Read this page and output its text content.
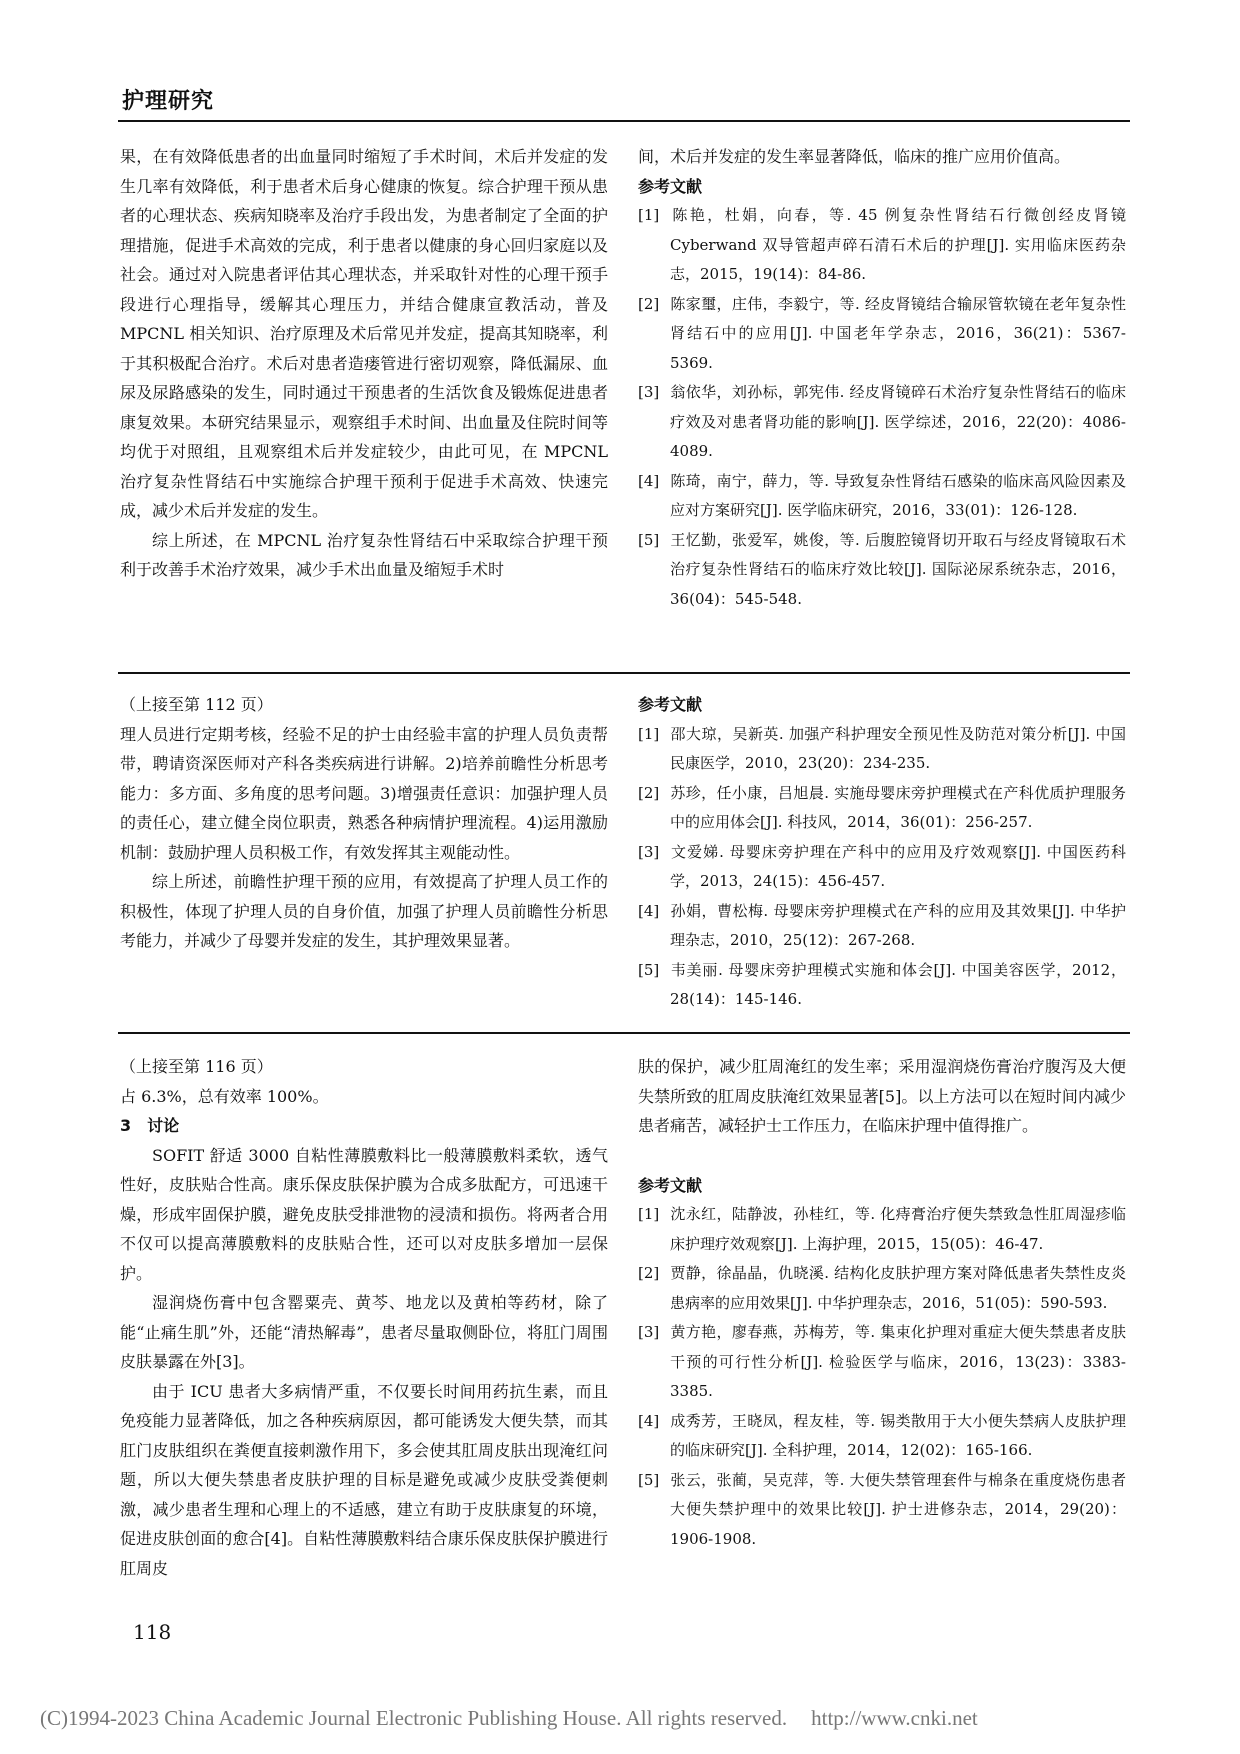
护理研究

果，在有效降低患者的出血量同时缩短了手术时间，术后并发症的发生几率有效降低，利于患者术后身心健康的恢复。综合护理干预从患者的心理状态、疾病知晓率及治疗手段出发，为患者制定了全面的护理措施，促进手术高效的完成，利于患者以健康的身心回归家庭以及社会。通过对入院患者评估其心理状态，并采取针对性的心理干预手段进行心理指导，缓解其心理压力，并结合健康宣教活动，普及 MPCNL 相关知识、治疗原理及术后常见并发症，提高其知晓率，利于其积极配合治疗。术后对患者造瘘管进行密切观察，降低漏尿、血尿及尿路感染的发生，同时通过干预患者的生活饮食及锻炼促进患者康复效果。本研究结果显示，观察组手术时间、出血量及住院时间等均优于对照组，且观察组术后并发症较少，由此可见，在 MPCNL 治疗复杂性肾结石中实施综合护理干预利于促进手术高效、快速完成，减少术后并发症的发生。

综上所述，在 MPCNL 治疗复杂性肾结石中采取综合护理干预利于改善手术治疗效果，减少手术出血量及缩短手术时

间，术后并发症的发生率显著降低，临床的推广应用价值高。

参考文献
[1] 陈艳，杜娟，向春，等. 45 例复杂性肾结石行微创经皮肾镜 Cyberwand 双导管超声碎石清石术后的护理[J]. 实用临床医药杂志，2015，19(14)：84-86.
[2] 陈家璽，庄伟，李毅宁，等. 经皮肾镜结合输尿管软镜在老年复杂性肾结石中的应用[J]. 中国老年学杂志，2016，36(21)：5367-5369.
[3] 翁依华，刘孙标，郭宪伟. 经皮肾镜碎石术治疗复杂性肾结石的临床疗效及对患者肾功能的影响[J]. 医学综述，2016，22(20)：4086-4089.
[4] 陈琦，南宁，薛力，等. 导致复杂性肾结石感染的临床高风险因素及应对方案研究[J]. 医学临床研究，2016，33(01)：126-128.
[5] 王忆勤，张爱军，姚俊，等. 后腹腔镜肾切开取石与经皮肾镜取石术治疗复杂性肾结石的临床疗效比较[J]. 国际泌尿系统杂志，2016，36(04)：545-548.

（上接至第 112 页）

理人员进行定期考核，经验不足的护士由经验丰富的护理人员负责帮带，聘请资深医师对产科各类疾病进行讲解。2)培养前瞻性分析思考能力：多方面、多角度的思考问题。3)增强责任意识：加强护理人员的责任心，建立健全岗位职责，熟悉各种病情护理流程。4)运用激励机制：鼓励护理人员积极工作，有效发挥其主观能动性。

综上所述，前瞻性护理干预的应用，有效提高了护理人员工作的积极性，体现了护理人员的自身价值，加强了护理人员前瞻性分析思考能力，并减少了母婴并发症的发生，其护理效果显著。

参考文献
[1] 邵大琼，吴新英. 加强产科护理安全预见性及防范对策分析[J]. 中国民康医学，2010，23(20)：234-235.
[2] 苏珍，任小康，吕旭晨. 实施母婴床旁护理模式在产科优质护理服务中的应用体会[J]. 科技风，2014，36(01)：256-257.
[3] 文爱娣. 母婴床旁护理在产科中的应用及疗效观察[J]. 中国医药科学，2013，24(15)：456-457.
[4] 孙娟，曹松梅. 母婴床旁护理模式在产科的应用及其效果[J]. 中华护理杂志，2010，25(12)：267-268.
[5] 韦美丽. 母婴床旁护理模式实施和体会[J]. 中国美容医学，2012，28(14)：145-146.

（上接至第 116 页）

占 6.3%，总有效率 100%。

3　讨论

SOFIT 舒适 3000 自粘性薄膜敷料比一般薄膜敷料柔软，透气性好，皮肤贴合性高。康乐保皮肤保护膜为合成多肽配方，可迅速干燥，形成牢固保护膜，避免皮肤受排泄物的浸渍和损伤。将两者合用不仅可以提高薄膜敷料的皮肤贴合性，还可以对皮肤多增加一层保护。

湿润烧伤膏中包含罂粟壳、黄芩、地龙以及黄柏等药材，除了能“止痛生肌”外，还能“清热解毒”，患者尽量取侧卧位，将肛门周围皮肤暴露在外[3]。

由于 ICU 患者大多病情严重，不仅要长时间用药抗生素，而且免疫能力显著降低，加之各种疾病原因，都可能诱发大便失禁，而其肛门皮肤组织在粪便直接刺激作用下，多会使其肛周皮肤出现淹红问题，所以大便失禁患者皮肤护理的目标是避免或减少皮肤受粪便刺激，减少患者生理和心理上的不适感，建立有助于皮肤康复的环境，促进皮肤创面的愈合[4]。自粘性薄膜敷料结合康乐保皮肤保护膜进行肛周皮

肤的保护，减少肛周淹红的发生率；采用湿润烧伤膏治疗腹泻及大便失禁所致的肛周皮肤淹红效果显著[5]。以上方法可以在短时间内减少患者痛苦，减轻护士工作压力，在临床护理中值得推广。

参考文献
[1] 沈永红，陆静波，孙桂红，等. 化痔膏治疗便失禁致急性肛周湿疹临床护理疗效观察[J]. 上海护理，2015，15(05)：46-47.
[2] 贾静，徐晶晶，仇晓溪. 结构化皮肤护理方案对降低患者失禁性皮炎患病率的应用效果[J]. 中华护理杂志，2016，51(05)：590-593.
[3] 黄方艳，廖春燕，苏梅芳，等. 集束化护理对重症大便失禁患者皮肤干预的可行性分析[J]. 检验医学与临床，2016，13(23)：3383-3385.
[4] 成秀芳，王晓凤，程友桂，等. 锡类散用于大小便失禁病人皮肤护理的临床研究[J]. 全科护理，2014，12(02)：165-166.
[5] 张云，张蔺，吴克萍，等. 大便失禁管理套件与棉条在重度烧伤患者大便失禁护理中的效果比较[J]. 护士进修杂志，2014，29(20)：1906-1908.
118
(C)1994-2023 China Academic Journal Electronic Publishing House. All rights reserved. http://www.cnki.net
